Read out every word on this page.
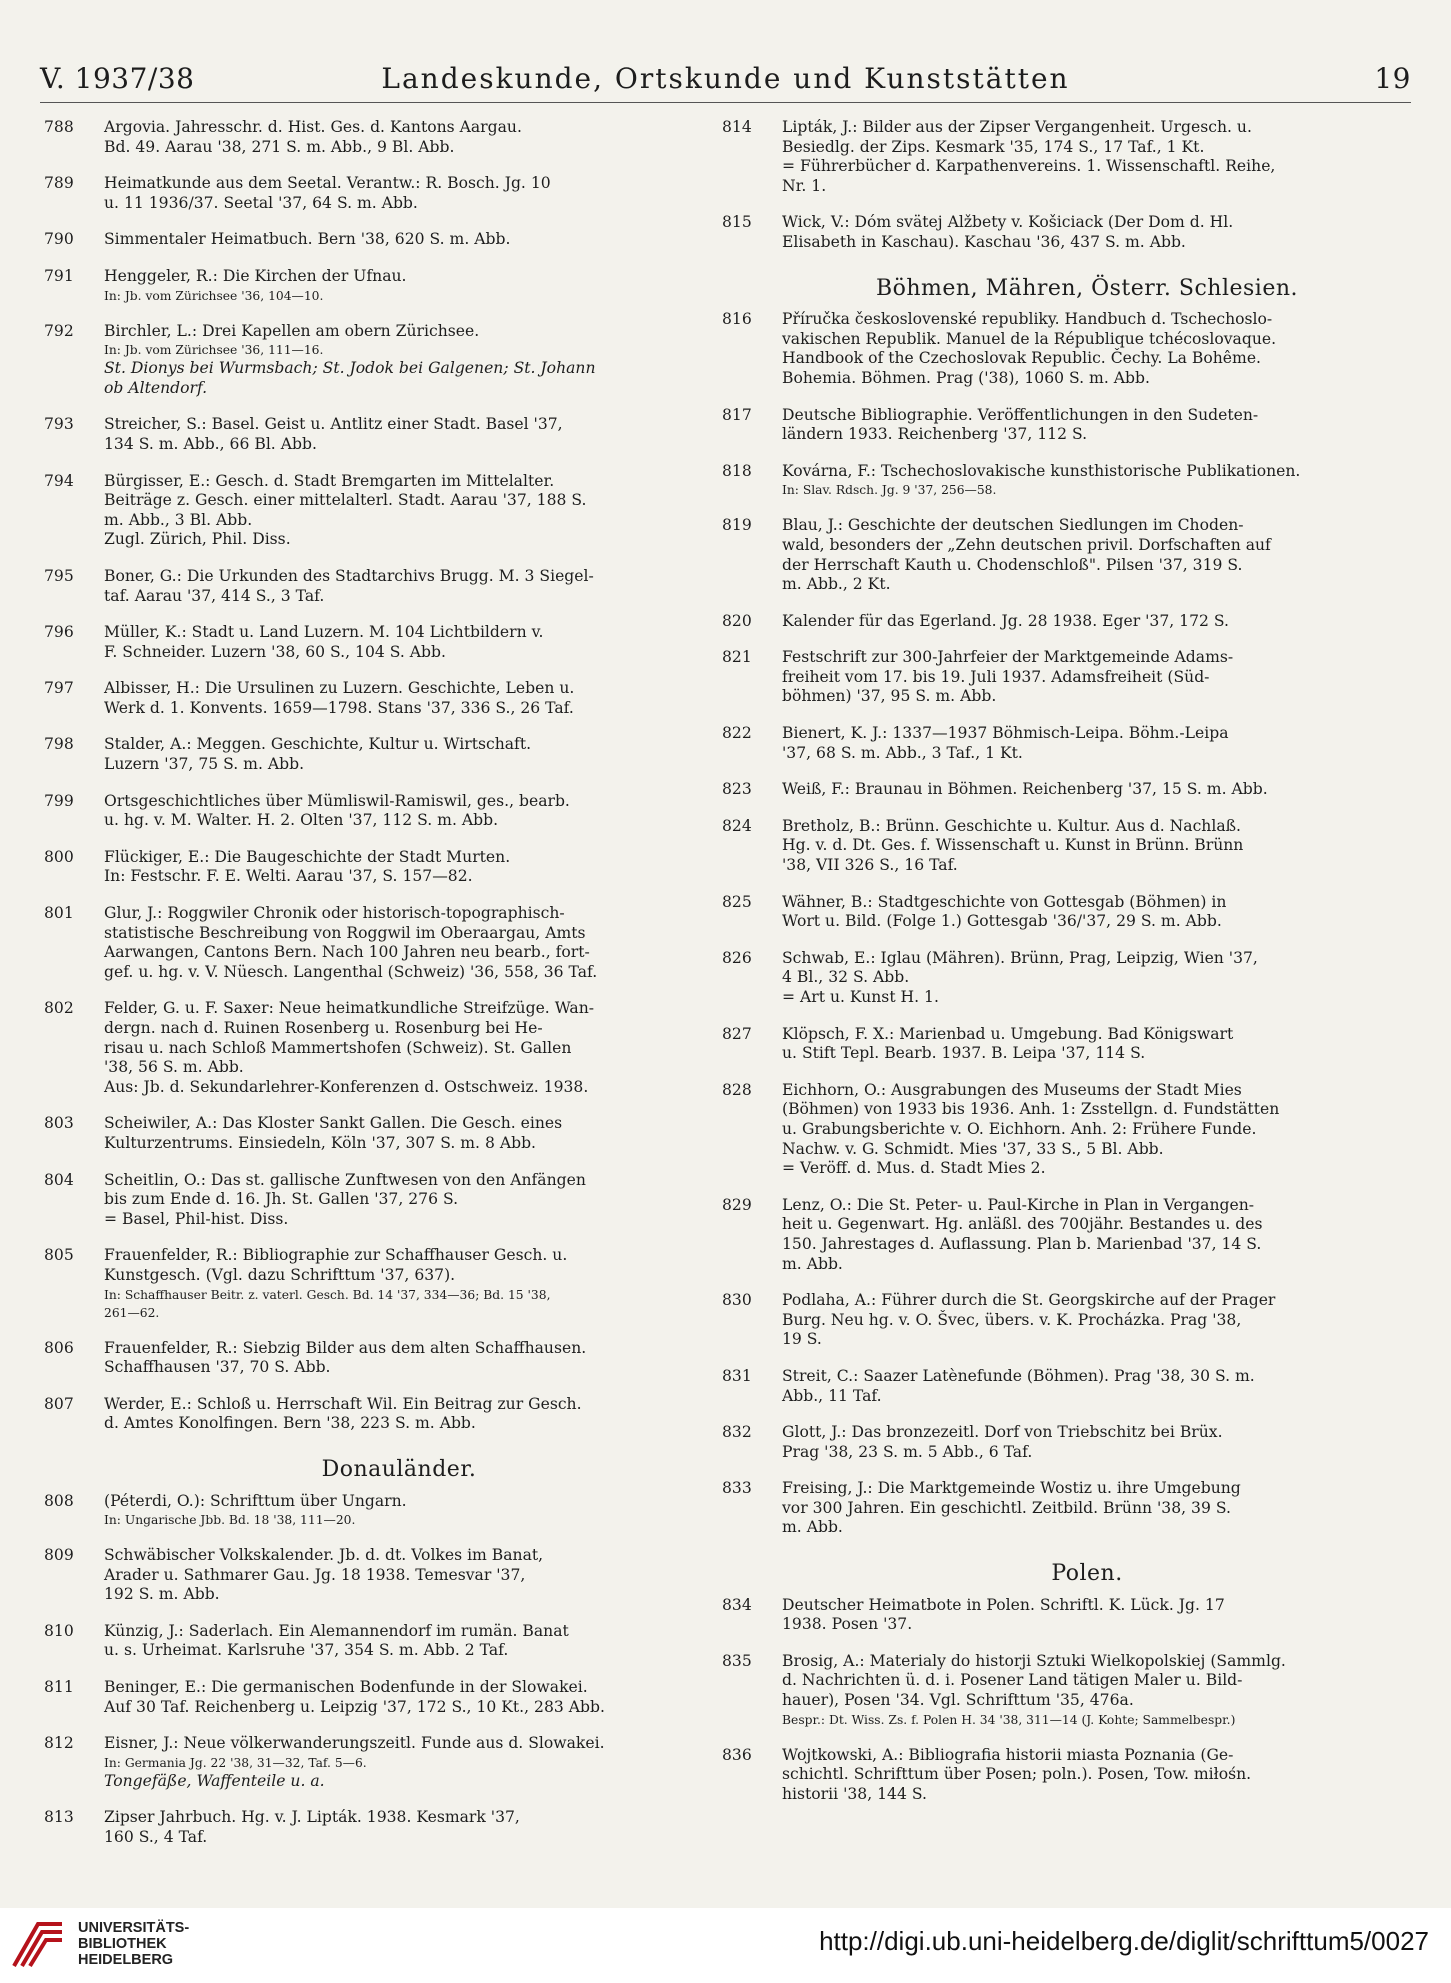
V. 1937/38	Landeskunde, Ortskunde und Kunststätten	19
788	Argovia. Jahresschr. d. Hist. Ges. d. Kantons Aargau.
Bd. 49. Aarau '38, 271 S. m. Abb., 9 Bl. Abb.
789	Heimatkunde aus dem Seetal. Verantw.: R. Bosch. Jg. 10
u. 11 1936/37. Seetal '37, 64 S. m. Abb.
790	Simmentaler Heimatbuch. Bern '38, 620 S. m. Abb.
791	Henggeler, R.: Die Kirchen der Ufnau.
In: Jb. vom Zürichsee '36, 104—10.
792	Birchler, L.: Drei Kapellen am obern Zürichsee.
In: Jb. vom Zürichsee '36, 111—16.
St. Dionys bei Wurmsbach; St. Jodok bei Galgenen; St. Johann
ob Altendorf.
793	Streicher, S.: Basel. Geist u. Antlitz einer Stadt. Basel '37,
134 S. m. Abb., 66 Bl. Abb.
794	Bürgisser, E.: Gesch. d. Stadt Bremgarten im Mittelalter.
Beiträge z. Gesch. einer mittelalterl. Stadt. Aarau '37, 188 S.
m. Abb., 3 Bl. Abb.
Zugl. Zürich, Phil. Diss.
795	Boner, G.: Die Urkunden des Stadtarchivs Brugg. M. 3 Siegel-
taf. Aarau '37, 414 S., 3 Taf.
796	Müller, K.: Stadt u. Land Luzern. M. 104 Lichtbildern v.
F. Schneider. Luzern '38, 60 S., 104 S. Abb.
797	Albisser, H.: Die Ursulinen zu Luzern. Geschichte, Leben u.
Werk d. 1. Konvents. 1659—1798. Stans '37, 336 S., 26 Taf.
798	Stalder, A.: Meggen. Geschichte, Kultur u. Wirtschaft.
Luzern '37, 75 S. m. Abb.
799	Ortsgeschichtliches über Mümliswil-Ramiswil, ges., bearb.
u. hg. v. M. Walter. H. 2. Olten '37, 112 S. m. Abb.
800	Flückiger, E.: Die Baugeschichte der Stadt Murten.
In: Festschr. F. E. Welti. Aarau '37, S. 157—82.
801	Glur, J.: Roggwiler Chronik oder historisch-topographisch-
statistische Beschreibung von Roggwil im Oberaargau, Amts
Aarwangen, Cantons Bern. Nach 100 Jahren neu bearb., fort-
gef. u. hg. v. V. Nüesch. Langenthal (Schweiz) '36, 558, 36 Taf.
802	Felder, G. u. F. Saxer: Neue heimatkundliche Streifzüge. Wan-
dergn. nach d. Ruinen Rosenberg u. Rosenburg bei He-
risau u. nach Schloß Mammertshofen (Schweiz). St. Gallen
'38, 56 S. m. Abb.
Aus: Jb. d. Sekundarlehrer-Konferenzen d. Ostschweiz. 1938.
803	Scheiwiler, A.: Das Kloster Sankt Gallen. Die Gesch. eines
Kulturzentrums. Einsiedeln, Köln '37, 307 S. m. 8 Abb.
804	Scheitlin, O.: Das st. gallische Zunftwesen von den Anfängen
bis zum Ende d. 16. Jh. St. Gallen '37, 276 S.
= Basel, Phil-hist. Diss.
805	Frauenfelder, R.: Bibliographie zur Schaffhauser Gesch. u.
Kunstgesch. (Vgl. dazu Schrifttum '37, 637).
In: Schaffhauser Beitr. z. vaterl. Gesch. Bd. 14 '37, 334—36; Bd. 15 '38,
261—62.
806	Frauenfelder, R.: Siebzig Bilder aus dem alten Schaffhausen.
Schaffhausen '37, 70 S. Abb.
807	Werder, E.: Schloß u. Herrschaft Wil. Ein Beitrag zur Gesch.
d. Amtes Konolfingen. Bern '38, 223 S. m. Abb.
Donauländer.
808	(Péterdi, O.): Schrifttum über Ungarn.
In: Ungarische Jbb. Bd. 18 '38, 111—20.
809	Schwäbischer Volkskalender. Jb. d. dt. Volkes im Banat,
Arader u. Sathmarer Gau. Jg. 18 1938. Temesvar '37,
192 S. m. Abb.
810	Künzig, J.: Saderlach. Ein Alemannendorf im rumän. Banat
u. s. Urheimat. Karlsruhe '37, 354 S. m. Abb. 2 Taf.
811	Beninger, E.: Die germanischen Bodenfunde in der Slowakei.
Auf 30 Taf. Reichenberg u. Leipzig '37, 172 S., 10 Kt., 283 Abb.
812	Eisner, J.: Neue völkerwanderungszeitl. Funde aus d. Slowakei.
In: Germania Jg. 22 '38, 31—32, Taf. 5—6.
Tongefäße, Waffenteile u. a.
813	Zipser Jahrbuch. Hg. v. J. Lipták. 1938. Kesmark '37,
160 S., 4 Taf.
814	Lipták, J.: Bilder aus der Zipser Vergangenheit. Urgesch. u.
Besiedlg. der Zips. Kesmark '35, 174 S., 17 Taf., 1 Kt.
= Führerbücher d. Karpathenvereins. 1. Wissenschaftl. Reihe,
Nr. 1.
815	Wick, V.: Dóm svätej Alžbety v. Košiciack (Der Dom d. Hl.
Elisabeth in Kaschau). Kaschau '36, 437 S. m. Abb.
Böhmen, Mähren, Österr. Schlesien.
816	Příručka československé republiky. Handbuch d. Tschechoslo-
vakischen Republik. Manuel de la République tchécoslovaque.
Handbook of the Czechoslovak Republic. Čechy. La Bohême.
Bohemia. Böhmen. Prag ('38), 1060 S. m. Abb.
817	Deutsche Bibliographie. Veröffentlichungen in den Sudeten-
ländern 1933. Reichenberg '37, 112 S.
818	Kovárna, F.: Tschechoslovakische kunsthistorische Publikationen.
In: Slav. Rdsch. Jg. 9 '37, 256—58.
819	Blau, J.: Geschichte der deutschen Siedlungen im Choden-
wald, besonders der „Zehn deutschen privil. Dorfschaften auf
der Herrschaft Kauth u. Chodenschloß". Pilsen '37, 319 S.
m. Abb., 2 Kt.
820	Kalender für das Egerland. Jg. 28 1938. Eger '37, 172 S.
821	Festschrift zur 300-Jahrfeier der Marktgemeinde Adams-
freiheit vom 17. bis 19. Juli 1937. Adamsfreiheit (Süd-
böhmen) '37, 95 S. m. Abb.
822	Bienert, K. J.: 1337—1937 Böhmisch-Leipa. Böhm.-Leipa
'37, 68 S. m. Abb., 3 Taf., 1 Kt.
823	Weiß, F.: Braunau in Böhmen. Reichenberg '37, 15 S. m. Abb.
824	Bretholz, B.: Brünn. Geschichte u. Kultur. Aus d. Nachlaß.
Hg. v. d. Dt. Ges. f. Wissenschaft u. Kunst in Brünn. Brünn
'38, VII 326 S., 16 Taf.
825	Wähner, B.: Stadtgeschichte von Gottesgab (Böhmen) in
Wort u. Bild. (Folge 1.) Gottesgab '36/'37, 29 S. m. Abb.
826	Schwab, E.: Iglau (Mähren). Brünn, Prag, Leipzig, Wien '37,
4 Bl., 32 S. Abb.
= Art u. Kunst H. 1.
827	Klöpsch, F. X.: Marienbad u. Umgebung. Bad Königswart
u. Stift Tepl. Bearb. 1937. B. Leipa '37, 114 S.
828	Eichhorn, O.: Ausgrabungen des Museums der Stadt Mies
(Böhmen) von 1933 bis 1936. Anh. 1: Zsstellgn. d. Fundstätten
u. Grabungsberichte v. O. Eichhorn. Anh. 2: Frühere Funde.
Nachw. v. G. Schmidt. Mies '37, 33 S., 5 Bl. Abb.
= Veröff. d. Mus. d. Stadt Mies 2.
829	Lenz, O.: Die St. Peter- u. Paul-Kirche in Plan in Vergangen-
heit u. Gegenwart. Hg. anläßl. des 700jähr. Bestandes u. des
150. Jahrestages d. Auflassung. Plan b. Marienbad '37, 14 S.
m. Abb.
830	Podlaha, A.: Führer durch die St. Georgskirche auf der Prager
Burg. Neu hg. v. O. Švec, übers. v. K. Procházka. Prag '38,
19 S.
831	Streit, C.: Saazer Latènefunde (Böhmen). Prag '38, 30 S. m.
Abb., 11 Taf.
832	Glott, J.: Das bronzezeitl. Dorf von Triebschitz bei Brüx.
Prag '38, 23 S. m. 5 Abb., 6 Taf.
833	Freising, J.: Die Marktgemeinde Wostiz u. ihre Umgebung
vor 300 Jahren. Ein geschichtl. Zeitbild. Brünn '38, 39 S.
m. Abb.
Polen.
834	Deutscher Heimatbote in Polen. Schriftl. K. Lück. Jg. 17
1938. Posen '37.
835	Brosig, A.: Materialy do historji Sztuki Wielkopolskiej (Sammlg.
d. Nachrichten ü. d. i. Posener Land tätigen Maler u. Bild-
hauer), Posen '34. Vgl. Schrifttum '35, 476a.
Bespr.: Dt. Wiss. Zs. f. Polen H. 34 '38, 311—14 (J. Kohte; Sammelbespr.)
836	Wojtkowski, A.: Bibliografia historii miasta Poznania (Ge-
schichtl. Schrifttum über Posen; poln.). Posen, Tow. miłośn.
historii '38, 144 S.
UNIVERSITÄTS-
BIBLIOTHEK
HEIDELBERG
http://digi.ub.uni-heidelberg.de/diglit/schrifttum5/0027
